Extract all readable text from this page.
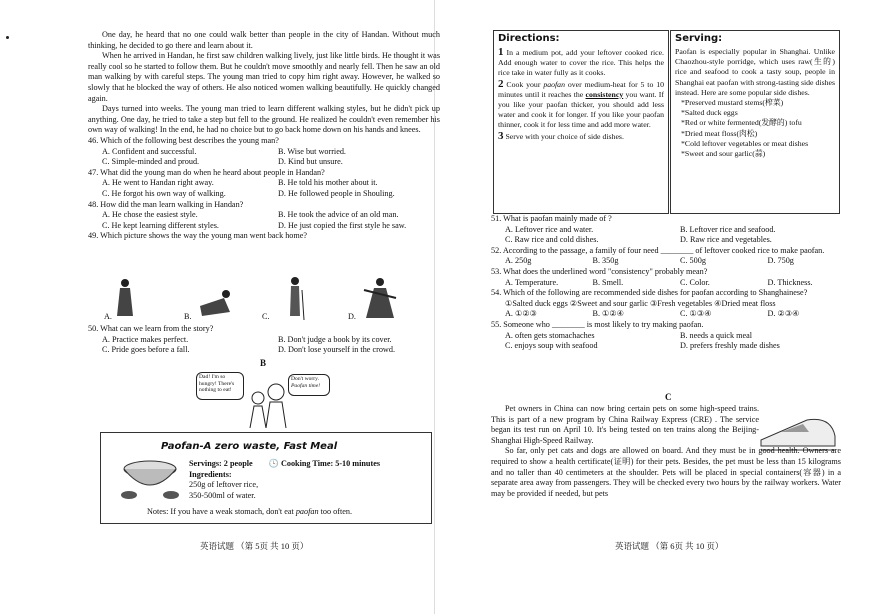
One day, he heard that no one could walk better than people in the city of Handan. Without much thinking, he decided to go there and learn about it.

When he arrived in Handan, he first saw children walking lively, just like little birds. He thought it was really cool so he started to follow them. But he couldn't move smoothly and nearly fell. Then he saw an old man walking by with careful steps. The young man tried to copy him right away. However, he walked so slowly that he blocked the way of others. He also noticed women walking beautifully. He quickly changed again.

Days turned into weeks. The young man tried to learn different walking styles, but he didn't pick up anything. One day, he tried to take a step but fell to the ground. He realized he couldn't even remember his own way of walking! In the end, he had no choice but to go back home down on his hands and knees.

46. Which of the following best describes the young man?

A. Confident and successful.	B. Wise but worried.
C. Simple-minded and proud.	D. Kind but unsure.

47. What did the young man do when he heard about people in Handan?

A. He went to Handan right away.	B. He told his mother about it.
C. He forgot his own way of walking.	D. He followed people in Shouling.

48. How did the man learn walking in Handan?

A. He chose the easiest style.	B. He took the advice of an old man.
C. He kept learning different styles.	D. He just copied the first style he saw.

49. Which picture shows the way the young man went back home?

A.	B.	C.	D.

50. What can we learn from the story?

A. Practice makes perfect.	B. Don't judge a book by its cover.
C. Pride goes before a fall.	D. Don't lose yourself in the crowd.
B
Dad! I'm so hungry! There's nothing to eat!
Don't worry. Paofan time!
Paofan-A zero waste, Fast Meal
Servings: 2 people 🕓 Cooking Time: 5-10 minutes
Ingredients:
250g of leftover rice,
350-500ml of water.
Notes: If you have a weak stomach, don't eat paofan too often.
英语试题 （第 5页 共 10 页）
Directions:
1 In a medium pot, add your leftover cooked rice. Add enough water to cover the rice. This helps the rice take in water fully as it cooks.
2 Cook your paofan over medium-heat for 5 to 10 minutes until it reaches the consistency you want. If you like your paofan thicker, you should add less water and cook it for longer. If you like your paofan thinner, cook it for less time and add more water.
3 Serve with your choice of side dishes.
Serving:
Paofan is especially popular in Shanghai. Unlike Chaozhou-style porridge, which uses raw(生的) rice and seafood to cook a tasty soup, people in Shanghai eat paofan with strong-tasting side dishes instead. Here are some popular side dishes.
*Preserved mustard stems(榨菜)
*Salted duck eggs
*Red or white fermented(发酵的) tofu
*Dried meat floss(肉松)
*Cold leftover vegetables or meat dishes
*Sweet and sour garlic(蒜)

51. What is paofan mainly made of ?

A. Leftover rice and water.	B. Leftover rice and seafood.
C. Raw rice and cold dishes.	D. Raw rice and vegetables.

52. According to the passage, a family of four need ________ of leftover cooked rice to make paofan.

A. 250g	B. 350g	C. 500g	D. 750g

53. What does the underlined word "consistency" probably mean?

A. Temperature.	B. Smell.	C. Color.	D. Thickness.

54. Which of the following are recommended side dishes for paofan according to Shanghainese?

①Salted duck eggs ②Sweet and sour garlic ③Fresh vegetables ④Dried meat floss

A. ①②③	B. ①②④	C. ①③④	D. ②③④

55. Someone who ________ is most likely to try making paofan.

A. often gets stomachaches	B. needs a quick meal
C. enjoys soup with seafood	D. prefers freshly made dishes
C

Pet owners in China can now bring certain pets on some high-speed trains. This is part of a new program by China Railway Express (CRE) . The service began its test run on April 10. It's being tested on ten trains along the Beijing-Shanghai High-Speed Railway.

So far, only pet cats and dogs are allowed on board. And they must be in good health. Owners are required to show a health certificate(证明) for their pets. Besides, the pet must be less than 15 kilograms and no taller than 40 centimeters at the shoulder. Pets will be placed in special containers(容器) in a separate area away from passengers. They will be checked every two hours by the railway workers. Water may be provided if needed, but pets

英语试题 （第 6页 共 10 页）
